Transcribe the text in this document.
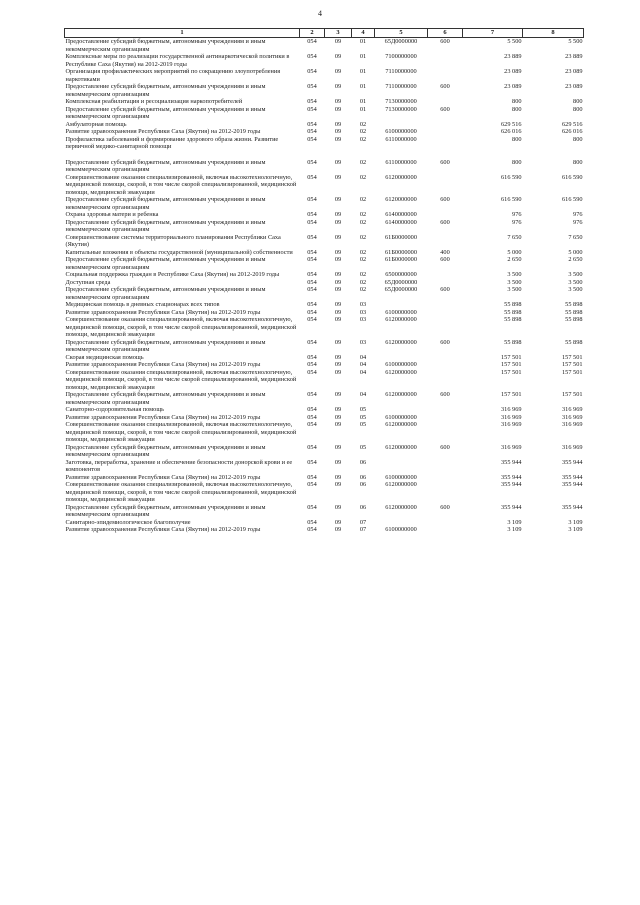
4
1	2	3	4	5	6	7	8
Предоставление субсидий бюджетным, автономным учреждениям и иным некоммерческим организациям	054	09	01	65Д0000000	600	5 500	5 500
Комплексные меры по реализации государственной антинаркотической политики в Республике Саха (Якутия) на 2012-2019 годы	054	09	01	7100000000		23 889	23 889
Организация профилактических мероприятий по сокращению злоупотребления наркотиками	054	09	01	7110000000		23 089	23 089
Предоставление субсидий бюджетным, автономным учреждениям и иным некоммерческим организациям	054	09	01	7110000000	600	23 089	23 089
Комплексная реабилитация и ресоциализация наркопотребителей	054	09	01	7130000000		800	800
Предоставление субсидий бюджетным, автономным учреждениям и иным некоммерческим организациям	054	09	01	7130000000	600	800	800
Амбулаторная помощь	054	09	02			629 516	629 516
Развитие здравоохранения Республики Саха (Якутия) на 2012-2019 годы	054	09	02	6100000000		626 016	626 016
Профилактика заболеваний и формирование здорового образа жизни. Развитие первичной медико-санитарной помощи	054	09	02	6110000000		800	800

Предоставление субсидий бюджетным, автономным учреждениям и иным некоммерческим организациям	054	09	02	6110000000	600	800	800
Совершенствование оказания специализированной, включая высокотехнологичную, медицинской помощи, скорой, в том числе скорой специализированной, медицинской помощи, медицинской эвакуации	054	09	02	6120000000		616 590	616 590
Предоставление субсидий бюджетным, автономным учреждениям и иным некоммерческим организациям	054	09	02	6120000000	600	616 590	616 590
Охрана здоровья матери и ребенка	054	09	02	6140000000		976	976
Предоставление субсидий бюджетным, автономным учреждениям и иным некоммерческим организациям	054	09	02	6140000000	600	976	976
Совершенствование системы территориального планирования Республики Саха (Якутия)	054	09	02	61Б0000000		7 650	7 650
Капитальные вложения в объекты государственной (муниципальной) собственности	054	09	02	61Б0000000	400	5 000	5 000
Предоставление субсидий бюджетным, автономным учреждениям и иным некоммерческим организациям	054	09	02	61Б0000000	600	2 650	2 650
Социальная поддержка граждан в Республике Саха (Якутия) на 2012-2019 годы	054	09	02	6500000000		3 500	3 500
Доступная среда	054	09	02	65Д0000000		3 500	3 500
Предоставление субсидий бюджетным, автономным учреждениям и иным некоммерческим организациям	054	09	02	65Д0000000	600	3 500	3 500
Медицинская помощь в дневных стационарах всех типов	054	09	03			55 898	55 898
Развитие здравоохранения Республики Саха (Якутия) на 2012-2019 годы	054	09	03	6100000000		55 898	55 898
Совершенствование оказания специализированной, включая высокотехнологичную, медицинской помощи, скорой, в том числе скорой специализированной, медицинской помощи, медицинской эвакуации	054	09	03	6120000000		55 898	55 898
Предоставление субсидий бюджетным, автономным учреждениям и иным некоммерческим организациям	054	09	03	6120000000	600	55 898	55 898
Скорая медицинская помощь	054	09	04			157 501	157 501
Развитие здравоохранения Республики Саха (Якутия) на 2012-2019 годы	054	09	04	6100000000		157 501	157 501
Совершенствование оказания специализированной, включая высокотехнологичную, медицинской помощи, скорой, в том числе скорой специализированной, медицинской помощи, медицинской эвакуации	054	09	04	6120000000		157 501	157 501
Предоставление субсидий бюджетным, автономным учреждениям и иным некоммерческим организациям	054	09	04	6120000000	600	157 501	157 501
Санаторно-оздоровительная помощь	054	09	05			316 969	316 969
Развитие здравоохранения Республики Саха (Якутия) на 2012-2019 годы	054	09	05	6100000000		316 969	316 969
Совершенствование оказания специализированной, включая высокотехнологичную, медицинской помощи, скорой, в том числе скорой специализированной, медицинской помощи, медицинской эвакуации	054	09	05	6120000000		316 969	316 969
Предоставление субсидий бюджетным, автономным учреждениям и иным некоммерческим организациям	054	09	05	6120000000	600	316 969	316 969
Заготовка, переработка, хранение и обеспечение безопасности донорской крови и ее компонентов	054	09	06			355 944	355 944
Развитие здравоохранения Республики Саха (Якутия) на 2012-2019 годы	054	09	06	6100000000		355 944	355 944
Совершенствование оказания специализированной, включая высокотехнологичную, медицинской помощи, скорой, в том числе скорой специализированной, медицинской помощи, медицинской эвакуации	054	09	06	6120000000		355 944	355 944
Предоставление субсидий бюджетным, автономным учреждениям и иным некоммерческим организациям	054	09	06	6120000000	600	355 944	355 944
Санитарно-эпидемиологическое благополучие	054	09	07			3 109	3 109
Развитие здравоохранения Республики Саха (Якутия) на 2012-2019 годы	054	09	07	6100000000		3 109	3 109
